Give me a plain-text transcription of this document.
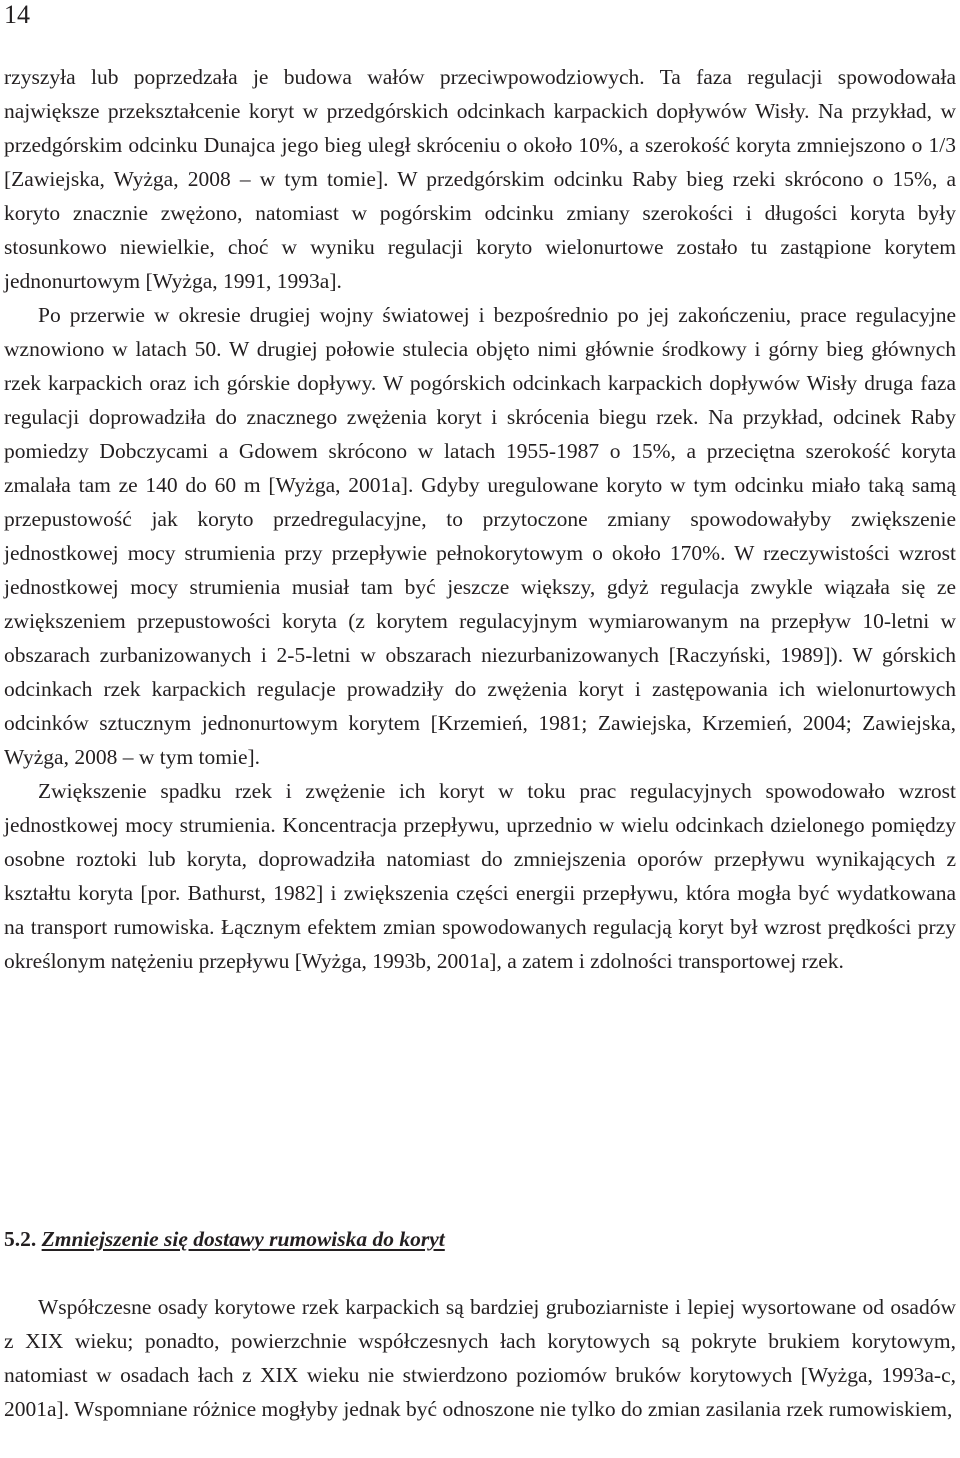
14

rzyszyła lub poprzedzała je budowa wałów przeciwpowodziowych. Ta faza regulacji spowodowała największe przekształcenie koryt w przedgórskich odcinkach karpackich dopływów Wisły. Na przykład, w przedgórskim odcinku Dunajca jego bieg uległ skróceniu o około 10%, a szerokość koryta zmniejszono o 1/3 [Zawiejska, Wyżga, 2008 – w tym tomie]. W przedgórskim odcinku Raby bieg rzeki skrócono o 15%, a koryto znacznie zwężono, natomiast w pogórskim odcinku zmiany szerokości i długości koryta były stosunkowo niewielkie, choć w wyniku regulacji koryto wielonurtowe zostało tu zastąpione korytem jednonurtowym [Wyżga, 1991, 1993a].

Po przerwie w okresie drugiej wojny światowej i bezpośrednio po jej zakończeniu, prace regulacyjne wznowiono w latach 50. W drugiej połowie stulecia objęto nimi głównie środkowy i górny bieg głównych rzek karpackich oraz ich górskie dopływy. W pogórskich odcinkach karpackich dopływów Wisły druga faza regulacji doprowadziła do znacznego zwężenia koryt i skrócenia biegu rzek. Na przykład, odcinek Raby pomiedzy Dobczycami a Gdowem skrócono w latach 1955-1987 o 15%, a przeciętna szerokość koryta zmalała tam ze 140 do 60 m [Wyżga, 2001a]. Gdyby uregulowane koryto w tym odcinku miało taką samą przepustowość jak koryto przedregulacyjne, to przytoczone zmiany spowodowałyby zwiększenie jednostkowej mocy strumienia przy przepływie pełnokorytowym o około 170%. W rzeczywistości wzrost jednostkowej mocy strumienia musiał tam być jeszcze większy, gdyż regulacja zwykle wiązała się ze zwiększeniem przepustowości koryta (z korytem regulacyjnym wymiarowanym na przepływ 10-letni w obszarach zurbanizowanych i 2-5-letni w obszarach niezurbanizowanych [Raczyński, 1989]). W górskich odcinkach rzek karpackich regulacje prowadziły do zwężenia koryt i zastępowania ich wielonurtowych odcinków sztucznym jednonurtowym korytem [Krzemień, 1981; Zawiejska, Krzemień, 2004; Zawiejska, Wyżga, 2008 – w tym tomie].

Zwiększenie spadku rzek i zwężenie ich koryt w toku prac regulacyjnych spowodowało wzrost jednostkowej mocy strumienia. Koncentracja przepływu, uprzednio w wielu odcinkach dzielonego pomiędzy osobne roztoki lub koryta, doprowadziła natomiast do zmniejszenia oporów przepływu wynikających z kształtu koryta [por. Bathurst, 1982] i zwiększenia części energii przepływu, która mogła być wydatkowana na transport rumowiska. Łącznym efektem zmian spowodowanych regulacją koryt był wzrost prędkości przy określonym natężeniu przepływu [Wyżga, 1993b, 2001a], a zatem i zdolności transportowej rzek.

5.2. Zmniejszenie się dostawy rumowiska do koryt

Współczesne osady korytowe rzek karpackich są bardziej gruboziarniste i lepiej wysortowane od osadów z XIX wieku; ponadto, powierzchnie współczesnych łach korytowych są pokryte brukiem korytowym, natomiast w osadach łach z XIX wieku nie stwierdzono poziomów bruków korytowych [Wyżga, 1993a-c, 2001a]. Wspomniane różnice mogłyby jednak być odnoszone nie tylko do zmian zasilania rzek rumowiskiem,
